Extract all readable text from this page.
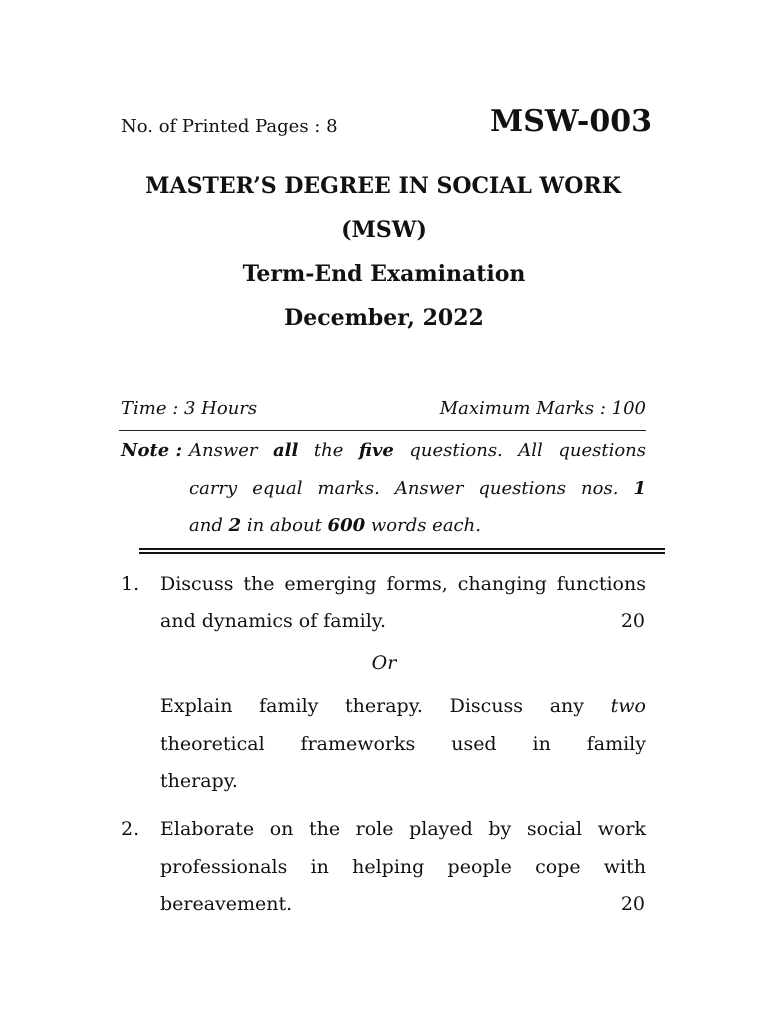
No. of Printed Pages : 8	MSW-003
MASTER’S DEGREE IN SOCIAL WORK
(MSW)
Term-End Examination
December, 2022
Time : 3 Hours	Maximum Marks : 100
Note : Answer all the five questions. All questions
carry equal marks. Answer questions nos. 1
and 2 in about 600 words each.
1. Discuss the emerging forms, changing functions
and dynamics of family.	20
Or
Explain family therapy. Discuss any two
theoretical frameworks used in family
therapy.
2. Elaborate on the role played by social work
professionals in helping people cope with
bereavement.	20
